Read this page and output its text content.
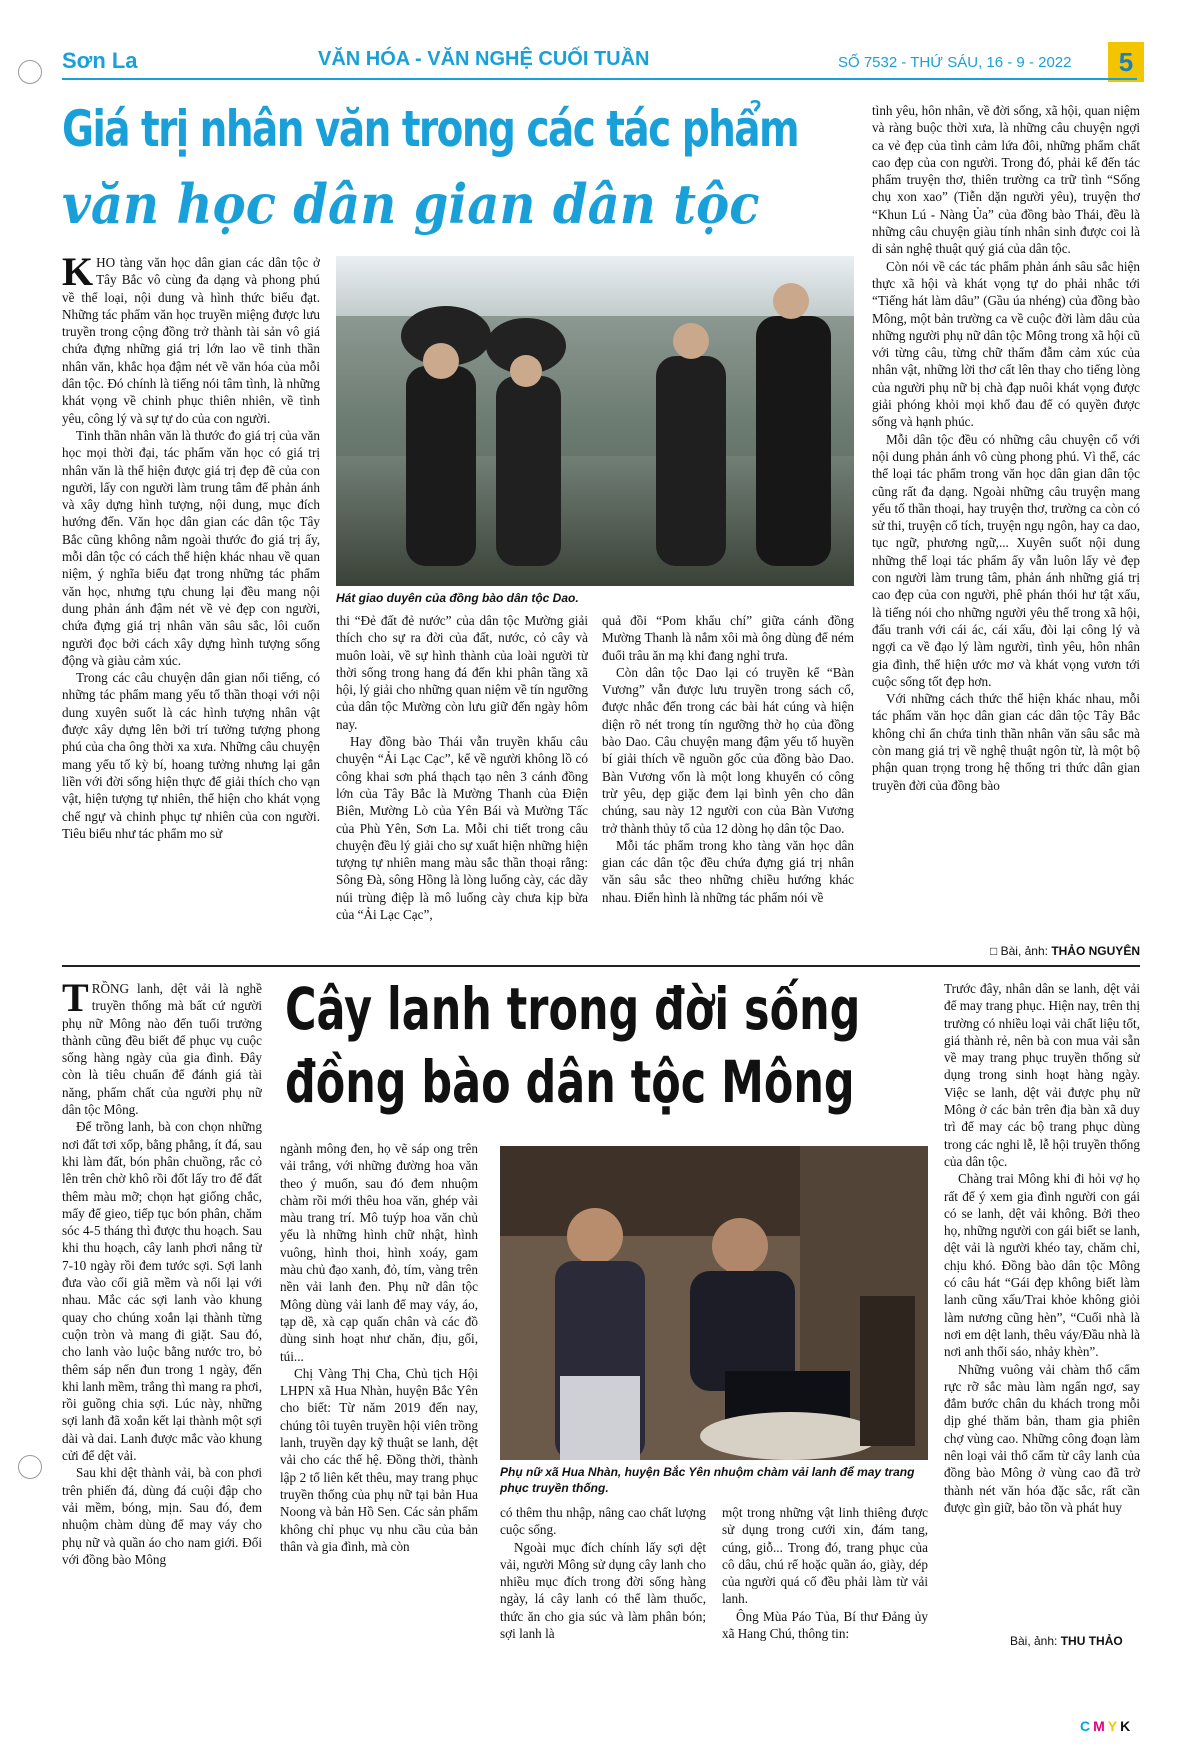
Sơn La	VĂN HÓA - VĂN NGHỆ CUỐI TUẦN	SỐ 7532 - THỨ SÁU, 16 - 9 - 2022	5
Giá trị nhân văn trong các tác phẩm
văn học dân gian dân tộc

KHO tàng văn học dân gian các dân tộc ở Tây Bắc vô cùng đa dạng và phong phú về thể loại, nội dung và hình thức biểu đạt. Những tác phẩm văn học truyền miệng được lưu truyền trong cộng đồng trở thành tài sản vô giá chứa đựng những giá trị lớn lao về tinh thần nhân văn, khắc họa đậm nét về văn hóa của mỗi dân tộc. Đó chính là tiếng nói tâm tình, là những khát vọng về chinh phục thiên nhiên, về tình yêu, công lý và sự tự do của con người.

Tinh thần nhân văn là thước đo giá trị của văn học mọi thời đại, tác phẩm văn học có giá trị nhân văn là thể hiện được giá trị đẹp đẽ của con người, lấy con người làm trung tâm để phản ánh và xây dựng hình tượng, nội dung, mục đích hướng đến. Văn học dân gian các dân tộc Tây Bắc cũng không nằm ngoài thước đo giá trị ấy, mỗi dân tộc có cách thể hiện khác nhau về quan niệm, ý nghĩa biểu đạt trong những tác phẩm văn học, nhưng tựu chung lại đều mang nội dung phản ánh đậm nét về vẻ đẹp con người, chứa đựng giá trị nhân văn sâu sắc, lôi cuốn người đọc bởi cách xây dựng hình tượng sống động và giàu cảm xúc.

Trong các câu chuyện dân gian nổi tiếng, có những tác phẩm mang yếu tố thần thoại với nội dung xuyên suốt là các hình tượng nhân vật được xây dựng lên bởi trí tưởng tượng phong phú của cha ông thời xa xưa. Những câu chuyện mang yếu tố kỳ bí, hoang tưởng nhưng lại gắn liền với đời sống hiện thực để giải thích cho vạn vật, hiện tượng tự nhiên, thể hiện cho khát vọng chế ngự và chinh phục tự nhiên của con người. Tiêu biểu như tác phẩm mo sử

Hát giao duyên của đồng bào dân tộc Dao.

thi “Đẻ đất đẻ nước” của dân tộc Mường giải thích cho sự ra đời của đất, nước, cỏ cây và muôn loài, về sự hình thành của loài người từ thời sống trong hang đá đến khi phân tầng xã hội, lý giải cho những quan niệm về tín ngưỡng của dân tộc Mường còn lưu giữ đến ngày hôm nay.

Hay đồng bào Thái vẫn truyền khẩu câu chuyện “Ải Lạc Cạc”, kể về người không lồ có công khai sơn phá thạch tạo nên 3 cánh đồng lớn của Tây Bắc là Mường Thanh của Điện Biên, Mường Lò của Yên Bái và Mường Tấc của Phù Yên, Sơn La. Mỗi chi tiết trong câu chuyện đều lý giải cho sự xuất hiện những hiện tượng tự nhiên mang màu sắc thần thoại rằng: Sông Đà, sông Hồng là lòng luống cày, các dãy núi trùng điệp là mô luống cày chưa kịp bừa của “Ải Lạc Cạc”,

quả đồi “Pom khẩu chí” giữa cánh đồng Mường Thanh là nắm xôi mà ông dùng để ném đuổi trâu ăn mạ khi đang nghỉ trưa.

Còn dân tộc Dao lại có truyền kể “Bàn Vương” vẫn được lưu truyền trong sách cổ, được nhắc đến trong các bài hát cúng và hiện diện rõ nét trong tín ngưỡng thờ họ của đồng bào Dao. Câu chuyện mang đậm yếu tố huyền bí giải thích về nguồn gốc của đồng bào Dao. Bàn Vương vốn là một long khuyển có công trừ yêu, dẹp giặc đem lại bình yên cho dân chúng, sau này 12 người con của Bàn Vương trở thành thủy tổ của 12 dòng họ dân tộc Dao.

Mỗi tác phẩm trong kho tàng văn học dân gian các dân tộc đều chứa đựng giá trị nhân văn sâu sắc theo những chiều hướng khác nhau. Điển hình là những tác phẩm nói về

tình yêu, hôn nhân, về đời sống, xã hội, quan niệm và ràng buộc thời xưa, là những câu chuyện ngợi ca vẻ đẹp của tình cảm lứa đôi, những phẩm chất cao đẹp của con người. Trong đó, phải kể đến tác phẩm truyện thơ, thiên trường ca trữ tình “Sống chụ xon xao” (Tiễn dặn người yêu), truyện thơ “Khun Lú - Nàng Ủa” của đồng bào Thái, đều là những câu chuyện giàu tính nhân sinh được coi là di sản nghệ thuật quý giá của dân tộc.

Còn nói về các tác phẩm phản ánh sâu sắc hiện thực xã hội và khát vọng tự do phải nhắc tới “Tiếng hát làm dâu” (Gầu úa nhéng) của đồng bào Mông, một bản trường ca về cuộc đời làm dâu của những người phụ nữ dân tộc Mông trong xã hội cũ với từng câu, từng chữ thấm đẫm cảm xúc của nhân vật, những lời thơ cất lên thay cho tiếng lòng của người phụ nữ bị chà đạp nuôi khát vọng được giải phóng khỏi mọi khổ đau để có quyền được sống và hạnh phúc.

Mỗi dân tộc đều có những câu chuyện cổ với nội dung phản ánh vô cùng phong phú. Vì thế, các thể loại tác phẩm trong văn học dân gian dân tộc cũng rất đa dạng. Ngoài những câu truyện mang yếu tố thần thoại, hay truyện thơ, trường ca còn có sử thi, truyện cổ tích, truyện ngụ ngôn, hay ca dao, tục ngữ, phương ngữ,... Xuyên suốt nội dung những thể loại tác phẩm ấy vẫn luôn lấy vẻ đẹp con người làm trung tâm, phản ánh những giá trị cao đẹp của con người, phê phán thói hư tật xấu, là tiếng nói cho những người yêu thể trong xã hội, đấu tranh với cái ác, cái xấu, đòi lại công lý và ngợi ca về đạo lý làm người, tình yêu, hôn nhân gia đình, thể hiện ước mơ và khát vọng vươn tới cuộc sống tốt đẹp hơn.

Với những cách thức thể hiện khác nhau, mỗi tác phẩm văn học dân gian các dân tộc Tây Bắc không chỉ ẩn chứa tinh thần nhân văn sâu sắc mà còn mang giá trị về nghệ thuật ngôn từ, là một bộ phận quan trọng trong hệ thống tri thức dân gian truyền đời của đồng bào

□ Bài, ảnh: THẢO NGUYÊN
Cây lanh trong đời sống
đồng bào dân tộc Mông

TRỒNG lanh, dệt vải là nghề truyền thống mà bất cứ người phụ nữ Mông nào đến tuổi trưởng thành cũng đều biết để phục vụ cuộc sống hàng ngày của gia đình. Đây còn là tiêu chuẩn để đánh giá tài năng, phẩm chất của người phụ nữ dân tộc Mông.

Để trồng lanh, bà con chọn những nơi đất tơi xốp, bằng phẳng, ít đá, sau khi làm đất, bón phân chuồng, rắc cỏ lên trên chờ khô rồi đốt lấy tro để đất thêm màu mỡ; chọn hạt giống chắc, mẩy để gieo, tiếp tục bón phân, chăm sóc 4-5 tháng thì được thu hoạch. Sau khi thu hoạch, cây lanh phơi nắng từ 7-10 ngày rồi đem tước sợi. Sợi lanh đưa vào cối giã mềm và nối lại với nhau. Mắc các sợi lanh vào khung quay cho chúng xoắn lại thành từng cuộn tròn và mang đi giặt. Sau đó, cho lanh vào luộc bằng nước tro, bỏ thêm sáp nến đun trong 1 ngày, đến khi lanh mềm, trắng thì mang ra phơi, rồi guồng chia sợi. Lúc này, những sợi lanh đã xoắn kết lại thành một sợi dài và dai. Lanh được mắc vào khung cửi để dệt vải.

Sau khi dệt thành vải, bà con phơi trên phiến đá, dùng đá cuội đập cho vải mềm, bóng, mịn. Sau đó, đem nhuộm chàm dùng để may váy cho phụ nữ và quần áo cho nam giới. Đối với đồng bào Mông

ngành mông đen, họ vẽ sáp ong trên vải trắng, với những đường hoa văn theo ý muốn, sau đó đem nhuộm chàm rồi mới thêu hoa văn, ghép vải màu trang trí. Mô tuýp hoa văn chủ yếu là những hình chữ nhật, hình vuông, hình thoi, hình xoáy, gam màu chủ đạo xanh, đỏ, tím, vàng trên nền vải lanh đen. Phụ nữ dân tộc Mông dùng vải lanh để may váy, áo, tạp dề, xà cạp quấn chân và các đồ dùng sinh hoạt như chăn, địu, gối, túi...

Chị Vàng Thị Cha, Chủ tịch Hội LHPN xã Hua Nhàn, huyện Bắc Yên cho biết: Từ năm 2019 đến nay, chúng tôi tuyên truyền hội viên trồng lanh, truyền dạy kỹ thuật se lanh, dệt vải cho các thế hệ. Đồng thời, thành lập 2 tổ liên kết thêu, may trang phục truyền thống của phụ nữ tại bản Hua Noong và bản Hồ Sen. Các sản phẩm không chỉ phục vụ nhu cầu của bản thân và gia đình, mà còn

Phụ nữ xã Hua Nhàn, huyện Bắc Yên nhuộm chàm vải lanh để may trang phục truyền thống.

có thêm thu nhập, nâng cao chất lượng cuộc sống.

Ngoài mục đích chính lấy sợi dệt vải, người Mông sử dụng cây lanh cho nhiều mục đích trong đời sống hàng ngày, lá cây lanh có thể làm thuốc, thức ăn cho gia súc và làm phân bón; sợi lanh là

một trong những vật linh thiêng được sử dụng trong cưới xin, đám tang, cúng, giỗ... Trong đó, trang phục của cô dâu, chú rể hoặc quần áo, giày, dép của người quá cố đều phải làm từ vải lanh.

Ông Mùa Páo Tủa, Bí thư Đảng ủy xã Hang Chú, thông tin:

Trước đây, nhân dân se lanh, dệt vải để may trang phục. Hiện nay, trên thị trường có nhiều loại vải chất liệu tốt, giá thành rẻ, nên bà con mua vải sẵn về may trang phục truyền thống sử dụng trong sinh hoạt hàng ngày. Việc se lanh, dệt vải được phụ nữ Mông ở các bản trên địa bàn xã duy trì để may các bộ trang phục dùng trong các nghi lễ, lễ hội truyền thống của dân tộc.

Chàng trai Mông khi đi hỏi vợ họ rất để ý xem gia đình người con gái có se lanh, dệt vải không. Bởi theo họ, những người con gái biết se lanh, dệt vải là người khéo tay, chăm chỉ, chịu khó. Đồng bào dân tộc Mông có câu hát “Gái đẹp không biết làm lanh cũng xấu/Trai khỏe không giỏi làm nương cũng hèn”, “Cuối nhà là nơi em dệt lanh, thêu váy/Đầu nhà là nơi anh thổi sáo, nhảy khèn”.

Những vuông vải chàm thổ cẩm rực rỡ sắc màu làm ngẩn ngơ, say đắm bước chân du khách trong mỗi dịp ghé thăm bản, tham gia phiên chợ vùng cao. Những công đoạn làm nên loại vải thổ cẩm từ cây lanh của đồng bào Mông ở vùng cao đã trở thành nét văn hóa đặc sắc, rất cần được gìn giữ, bảo tồn và phát huy

Bài, ảnh: THU THẢO
CMYK
